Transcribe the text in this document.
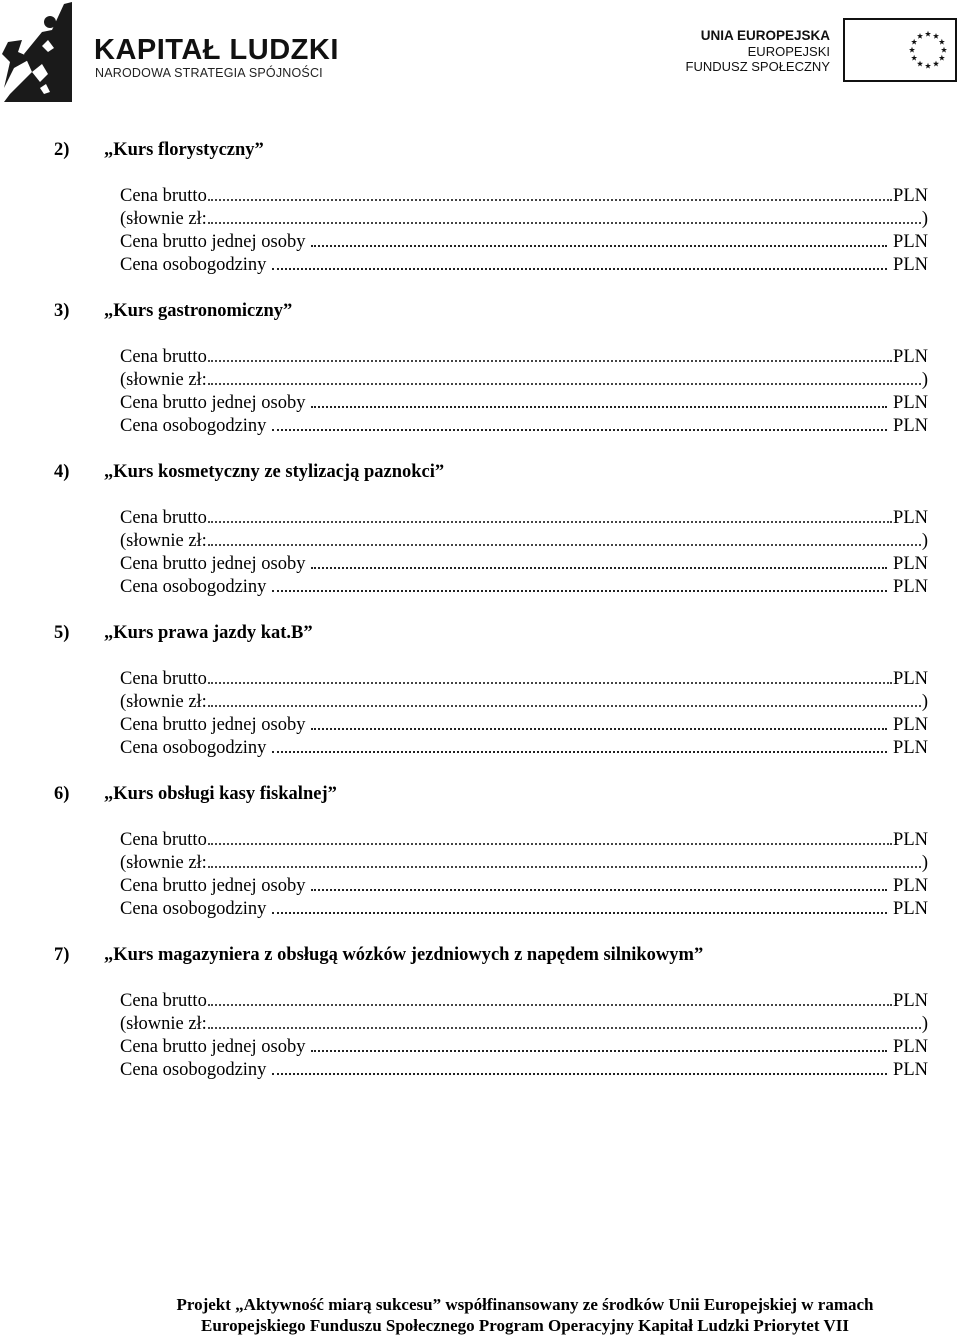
KAPITAŁ LUDZKI
NARODOWA STRATEGIA SPÓJNOŚCI
UNIA EUROPEJSKA
EUROPEJSKI
FUNDUSZ SPOŁECZNY
2) „Kurs florystyczny”
Cena brutto	PLN
(słownie zł:	)
Cena brutto jednej osoby	PLN
Cena osobogodziny	PLN
3) „Kurs gastronomiczny”
Cena brutto	PLN
(słownie zł:	)
Cena brutto jednej osoby	PLN
Cena osobogodziny	PLN
4) „Kurs kosmetyczny ze stylizacją paznokci”
Cena brutto	PLN
(słownie zł:	)
Cena brutto jednej osoby	PLN
Cena osobogodziny	PLN
5) „Kurs prawa jazdy kat.B”
Cena brutto	PLN
(słownie zł:	)
Cena brutto jednej osoby	PLN
Cena osobogodziny	PLN
6) „Kurs obsługi kasy fiskalnej”
Cena brutto	PLN
(słownie zł:	)
Cena brutto jednej osoby	PLN
Cena osobogodziny	PLN
7) „Kurs magazyniera z obsługą wózków jezdniowych z napędem silnikowym”
Cena brutto	PLN
(słownie zł:	)
Cena brutto jednej osoby	PLN
Cena osobogodziny	PLN
Projekt „Aktywność miarą sukcesu” współfinansowany ze środków Unii Europejskiej w ramach
Europejskiego Funduszu Społecznego Program Operacyjny Kapitał Ludzki Priorytet VII
